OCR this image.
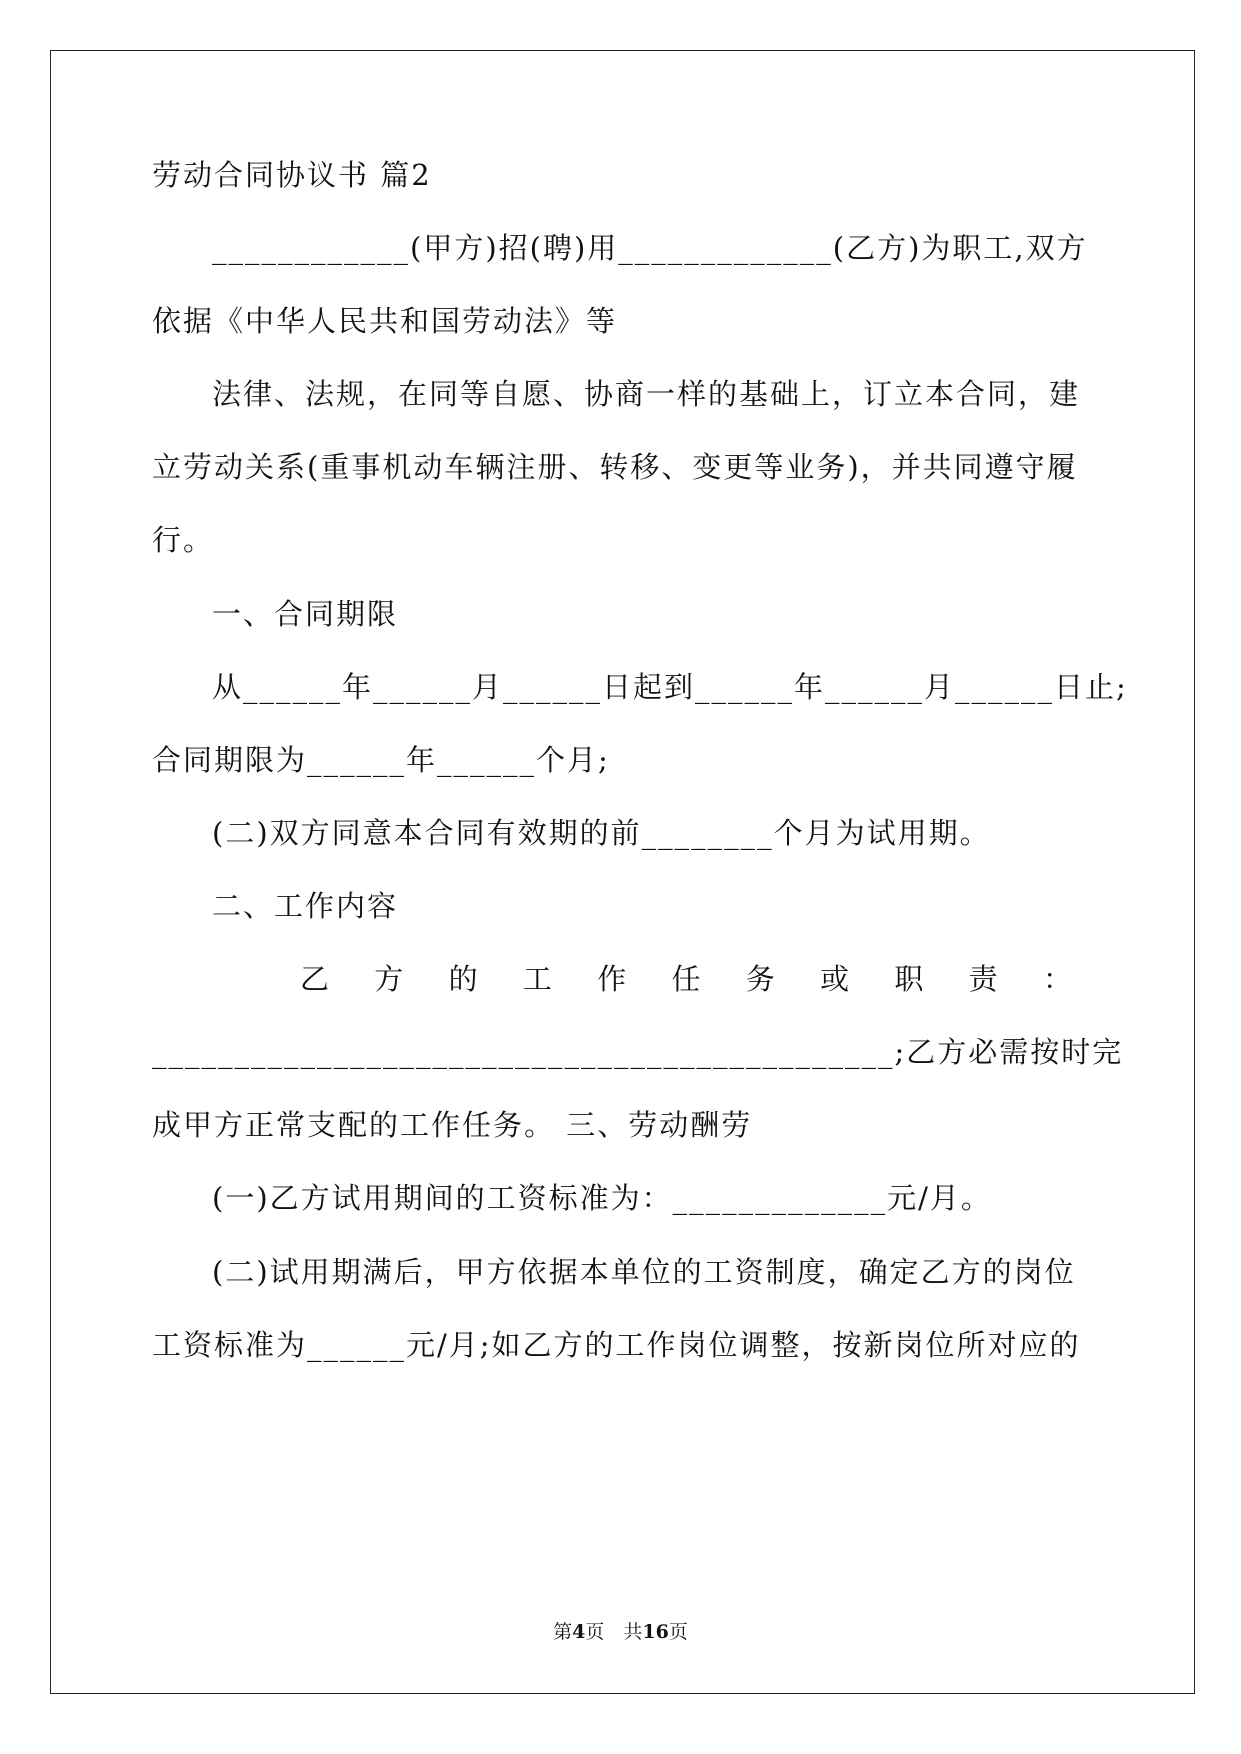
劳动合同协议书 篇2
____________(甲方)招(聘)用_____________(乙方)为职工,双方
依据《中华人民共和国劳动法》等
法律、法规，在同等自愿、协商一样的基础上，订立本合同，建
立劳动关系(重事机动车辆注册、转移、变更等业务)，并共同遵守履
行。
一、合同期限
从______年______月______日起到______年______月______日止;
合同期限为______年______个月;
(二)双方同意本合同有效期的前________个月为试用期。
二、工作内容
乙 方 的 工 作 任 务 或 职 责 ：
_____________________________________________;乙方必需按时完
成甲方正常支配的工作任务。 三、劳动酬劳
(一)乙方试用期间的工资标准为：_____________元/月。
(二)试用期满后，甲方依据本单位的工资制度，确定乙方的岗位
工资标准为______元/月;如乙方的工作岗位调整，按新岗位所对应的
第4页　共16页
